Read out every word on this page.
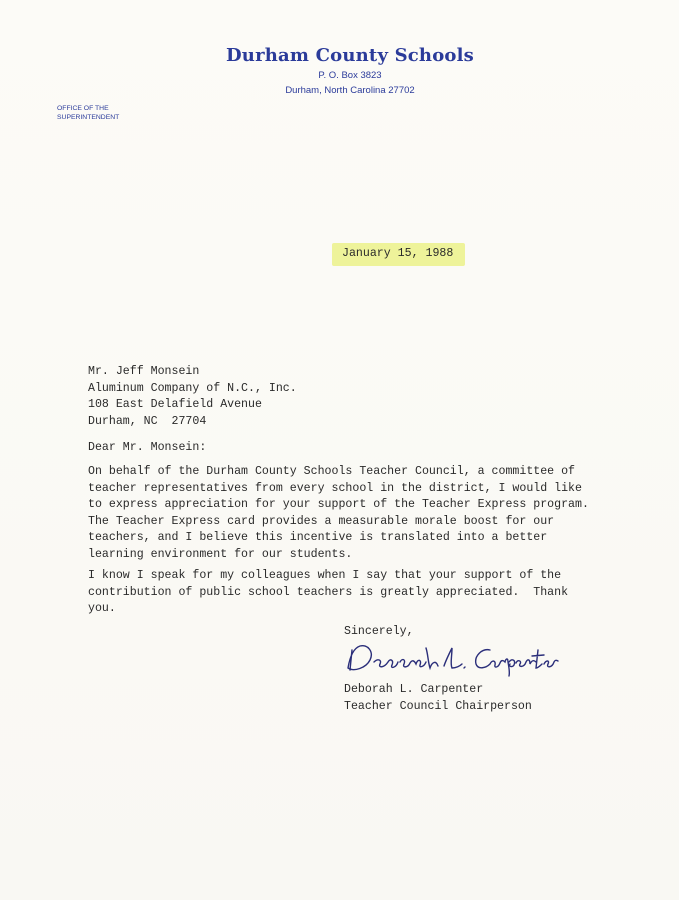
Durham County Schools
P. O. Box 3823
Durham, North Carolina 27702
OFFICE OF THE
SUPERINTENDENT
January 15, 1988
Mr. Jeff Monsein
Aluminum Company of N.C., Inc.
108 East Delafield Avenue
Durham, NC  27704
Dear Mr. Monsein:
On behalf of the Durham County Schools Teacher Council, a committee of
teacher representatives from every school in the district, I would like
to express appreciation for your support of the Teacher Express program.
The Teacher Express card provides a measurable morale boost for our
teachers, and I believe this incentive is translated into a better
learning environment for our students.
I know I speak for my colleagues when I say that your support of the
contribution of public school teachers is greatly appreciated.  Thank
you.
Sincerely,
Deborah L. Carpenter
Teacher Council Chairperson
